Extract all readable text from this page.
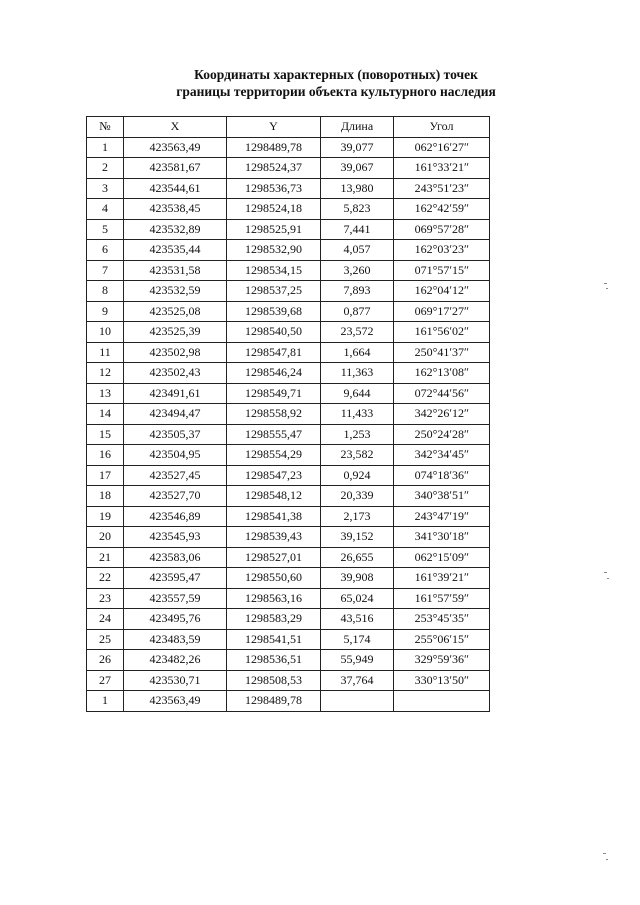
Координаты характерных (поворотных) точек
границы территории объекта культурного наследия
№	X	Y	Длина	Угол
1	423563,49	1298489,78	39,077	062°16ʹ27ʺ
2	423581,67	1298524,37	39,067	161°33ʹ21ʺ
3	423544,61	1298536,73	13,980	243°51ʹ23ʺ
4	423538,45	1298524,18	5,823	162°42ʹ59ʺ
5	423532,89	1298525,91	7,441	069°57ʹ28ʺ
6	423535,44	1298532,90	4,057	162°03ʹ23ʺ
7	423531,58	1298534,15	3,260	071°57ʹ15ʺ
8	423532,59	1298537,25	7,893	162°04ʹ12ʺ
9	423525,08	1298539,68	0,877	069°17ʹ27ʺ
10	423525,39	1298540,50	23,572	161°56ʹ02ʺ
11	423502,98	1298547,81	1,664	250°41ʹ37ʺ
12	423502,43	1298546,24	11,363	162°13ʹ08ʺ
13	423491,61	1298549,71	9,644	072°44ʹ56ʺ
14	423494,47	1298558,92	11,433	342°26ʹ12ʺ
15	423505,37	1298555,47	1,253	250°24ʹ28ʺ
16	423504,95	1298554,29	23,582	342°34ʹ45ʺ
17	423527,45	1298547,23	0,924	074°18ʹ36ʺ
18	423527,70	1298548,12	20,339	340°38ʹ51ʺ
19	423546,89	1298541,38	2,173	243°47ʹ19ʺ
20	423545,93	1298539,43	39,152	341°30ʹ18ʺ
21	423583,06	1298527,01	26,655	062°15ʹ09ʺ
22	423595,47	1298550,60	39,908	161°39ʹ21ʺ
23	423557,59	1298563,16	65,024	161°57ʹ59ʺ
24	423495,76	1298583,29	43,516	253°45ʹ35ʺ
25	423483,59	1298541,51	5,174	255°06ʹ15ʺ
26	423482,26	1298536,51	55,949	329°59ʹ36ʺ
27	423530,71	1298508,53	37,764	330°13ʹ50ʺ
1	423563,49	1298489,78		
